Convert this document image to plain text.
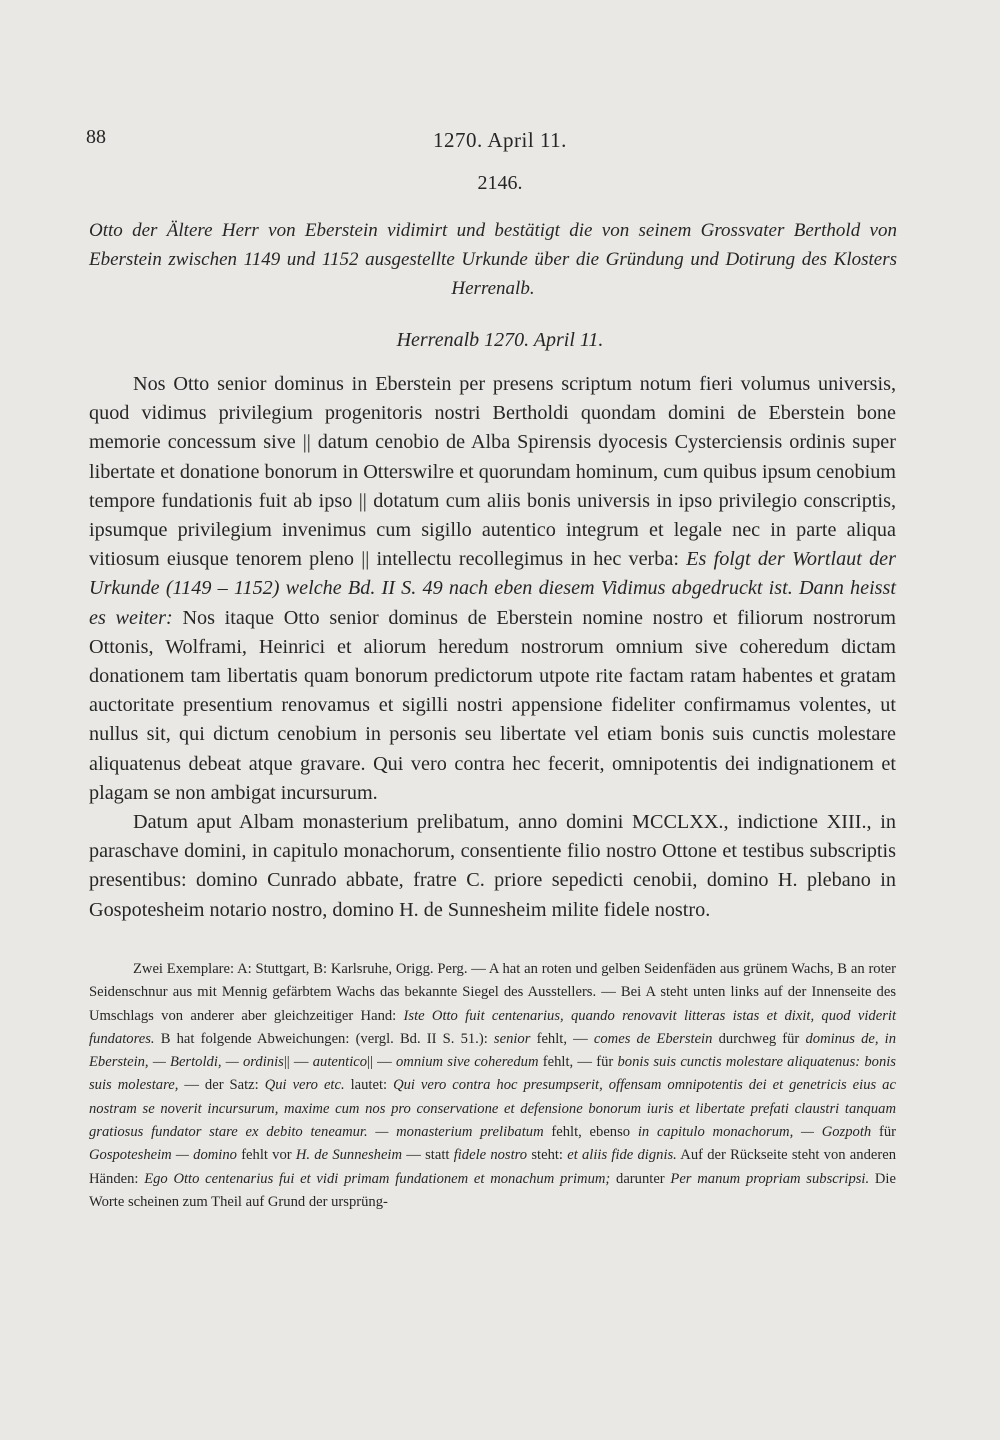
88	1270. April 11.
2146.
Otto der Ältere Herr von Eberstein vidimirt und bestätigt die von seinem Grossvater Berthold von Eberstein zwischen 1149 und 1152 ausgestellte Urkunde über die Gründung und Dotirung des Klosters Herrenalb.
Herrenalb 1270. April 11.

Nos Otto senior dominus in Eberstein per presens scriptum notum fieri volumus universis, quod vidimus privilegium progenitoris nostri Bertholdi quondam domini de Eberstein bone memorie concessum sive || datum cenobio de Alba Spirensis dyocesis Cysterciensis ordinis super libertate et donatione bonorum in Otterswilre et quorundam hominum, cum quibus ipsum cenobium tempore fundationis fuit ab ipso || dotatum cum aliis bonis universis in ipso privilegio conscriptis, ipsumque privilegium invenimus cum sigillo autentico integrum et legale nec in parte aliqua vitiosum eiusque tenorem pleno || intellectu recollegimus in hec verba: Es folgt der Wortlaut der Urkunde (1149 – 1152) welche Bd. II S. 49 nach eben diesem Vidimus abgedruckt ist. Dann heisst es weiter: Nos itaque Otto senior dominus de Eberstein nomine nostro et filiorum nostrorum Ottonis, Wolframi, Heinrici et aliorum heredum nostrorum omnium sive coheredum dictam donationem tam libertatis quam bonorum predictorum utpote rite factam ratam habentes et gratam auctoritate presentium renovamus et sigilli nostri appensione fideliter confirmamus volentes, ut nullus sit, qui dictum cenobium in personis seu libertate vel etiam bonis suis cunctis molestare aliquatenus debeat atque gravare. Qui vero contra hec fecerit, omnipotentis dei indignationem et plagam se non ambigat incursurum.

Datum aput Albam monasterium prelibatum, anno domini MCCLXX., indictione XIII., in paraschave domini, in capitulo monachorum, consentiente filio nostro Ottone et testibus subscriptis presentibus: domino Cunrado abbate, fratre C. priore sepedicti cenobii, domino H. plebano in Gospotesheim notario nostro, domino H. de Sunnesheim milite fidele nostro.

Zwei Exemplare: A: Stuttgart, B: Karlsruhe, Origg. Perg. — A hat an roten und gelben Seidenfäden aus grünem Wachs, B an roter Seidenschnur aus mit Mennig gefärbtem Wachs das bekannte Siegel des Ausstellers. — Bei A steht unten links auf der Innenseite des Umschlags von anderer aber gleichzeitiger Hand: Iste Otto fuit centenarius, quando renovavit litteras istas et dixit, quod viderit fundatores. B hat folgende Abweichungen: (vergl. Bd. II S. 51.): senior fehlt, — comes de Eberstein durchweg für dominus de, in Eberstein, — Bertoldi, — ordinis|| — autentico|| — omnium sive coheredum fehlt, — für bonis suis cunctis molestare aliquatenus: bonis suis molestare, — der Satz: Qui vero etc. lautet: Qui vero contra hoc presumpserit, offensam omnipotentis dei et genetricis eius ac nostram se noverit incursurum, maxime cum nos pro conservatione et defensione bonorum iuris et libertate prefati claustri tanquam gratiosus fundator stare ex debito teneamur. — monasterium prelibatum fehlt, ebenso in capitulo monachorum, — Gozpoth für Gospotesheim — domino fehlt vor H. de Sunnesheim — statt fidele nostro steht: et aliis fide dignis. Auf der Rückseite steht von anderen Händen: Ego Otto centenarius fui et vidi primam fundationem et monachum primum; darunter Per manum propriam subscripsi. Die Worte scheinen zum Theil auf Grund der ursprüng-
